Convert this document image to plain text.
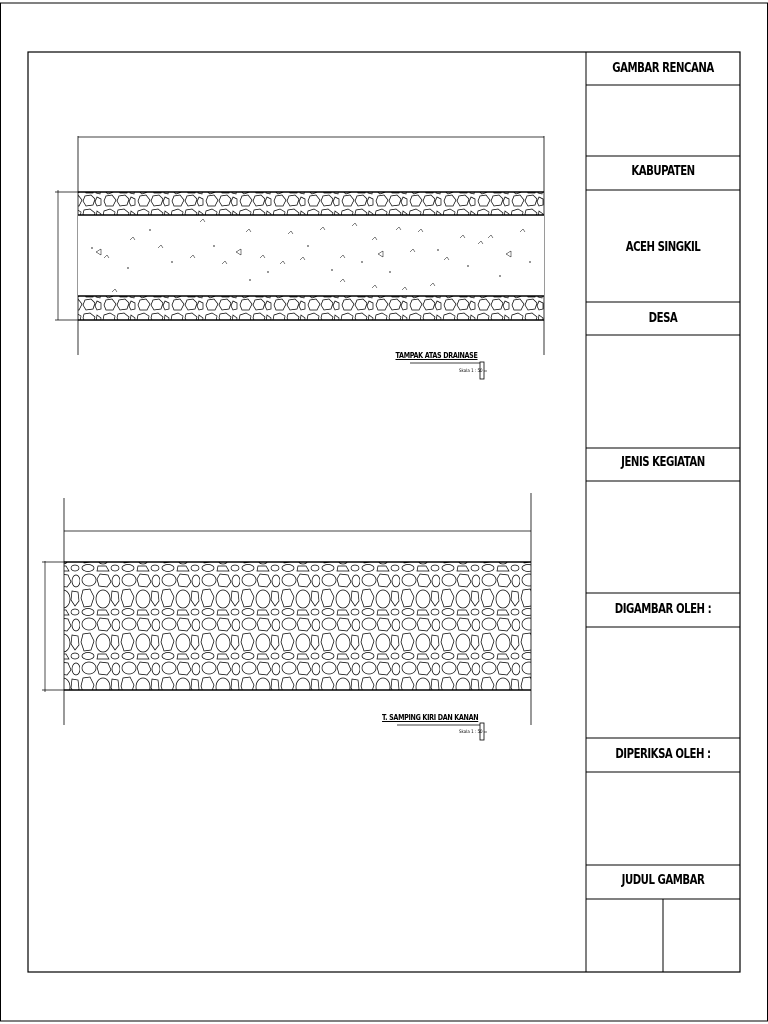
GAMBAR RENCANA
KABUPATEN
ACEH SINGKIL
DESA
JENIS KEGIATAN
DIGAMBAR OLEH :
DIPERIKSA OLEH :
JUDUL GAMBAR
TAMPAK ATAS DRAINASE
Skala 1 : 50
T. SAMPING KIRI DAN KANAN
Skala 1 : 50
